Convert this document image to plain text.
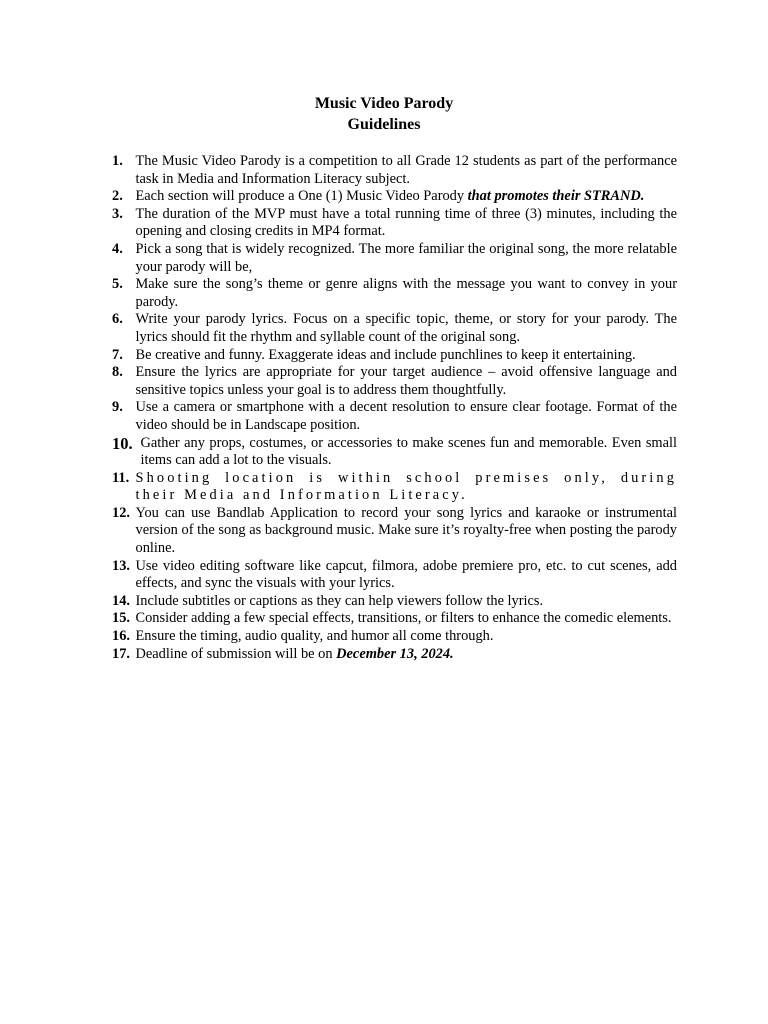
Music Video Parody
Guidelines
1. The Music Video Parody is a competition to all Grade 12 students as part of the performance task in Media and Information Literacy subject.
2. Each section will produce a One (1) Music Video Parody that promotes their STRAND.
3. The duration of the MVP must have a total running time of three (3) minutes, including the opening and closing credits in MP4 format.
4. Pick a song that is widely recognized. The more familiar the original song, the more relatable your parody will be,
5. Make sure the song’s theme or genre aligns with the message you want to convey in your parody.
6. Write your parody lyrics. Focus on a specific topic, theme, or story for your parody. The lyrics should fit the rhythm and syllable count of the original song.
7. Be creative and funny. Exaggerate ideas and include punchlines to keep it entertaining.
8. Ensure the lyrics are appropriate for your target audience – avoid offensive language and sensitive topics unless your goal is to address them thoughtfully.
9. Use a camera or smartphone with a decent resolution to ensure clear footage. Format of the video should be in Landscape position.
10. Gather any props, costumes, or accessories to make scenes fun and memorable. Even small items can add a lot to the visuals.
11. Shooting location is within school premises only, during their Media and Information Literacy.
12. You can use Bandlab Application to record your song lyrics and karaoke or instrumental version of the song as background music. Make sure it’s royalty-free when posting the parody online.
13. Use video editing software like capcut, filmora, adobe premiere pro, etc. to cut scenes, add effects, and sync the visuals with your lyrics.
14. Include subtitles or captions as they can help viewers follow the lyrics.
15. Consider adding a few special effects, transitions, or filters to enhance the comedic elements.
16. Ensure the timing, audio quality, and humor all come through.
17. Deadline of submission will be on December 13, 2024.
